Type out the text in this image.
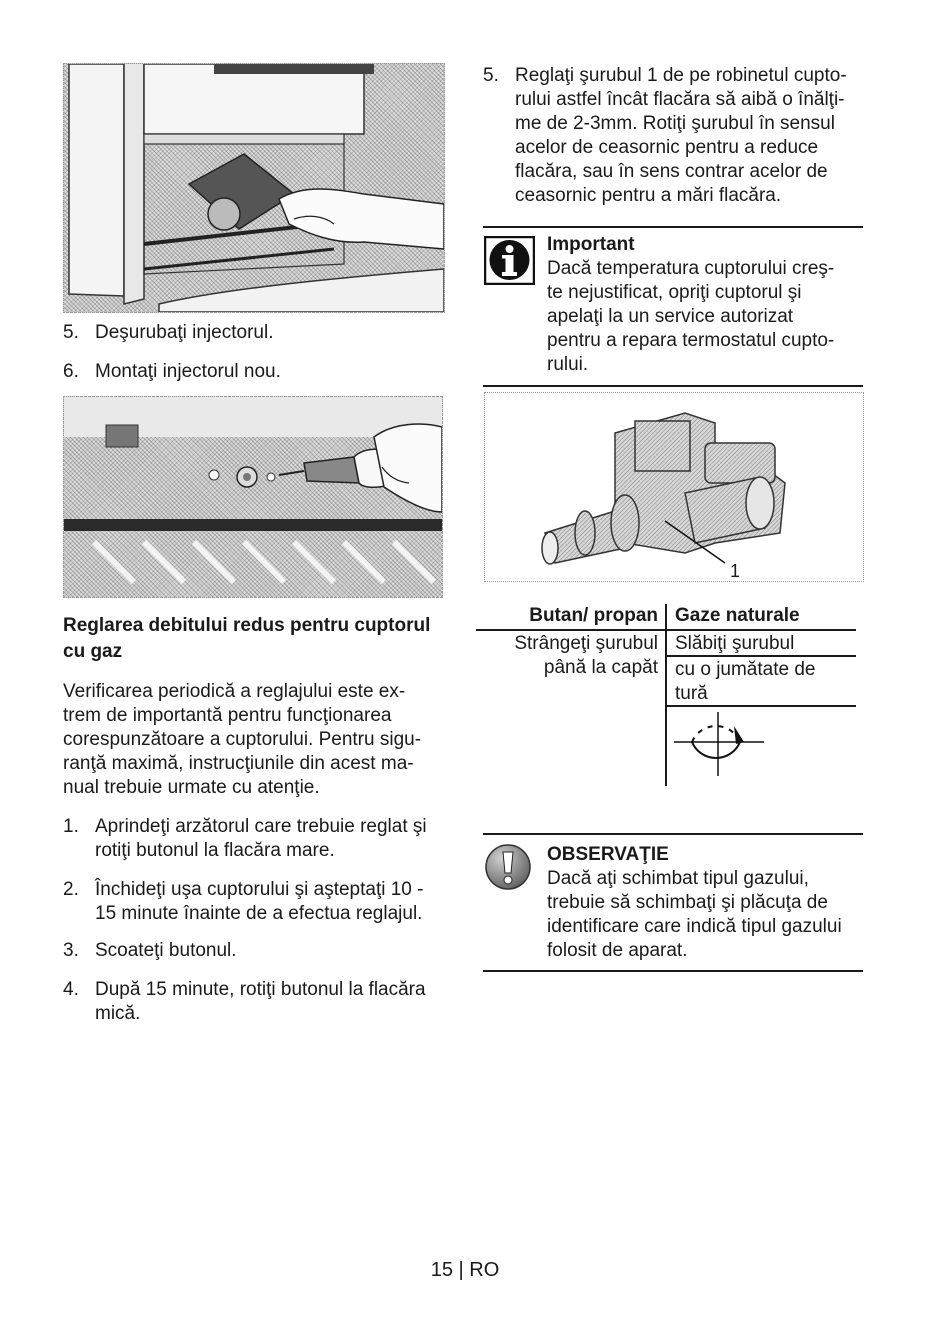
5. Deşurubaţi injectorul.
6. Montaţi injectorul nou.

Reglarea debitului redus pentru cuptorul

cu gaz

Verificarea periodică a reglajului este ex-

trem de importantă pentru funcţionarea

corespunzătoare a cuptorului. Pentru sigu-

ranţă maximă, instrucţiunile din acest ma-

nual trebuie urmate cu atenţie.

1. Aprindeţi arzătorul care trebuie reglat şi

rotiţi butonul la flacăra mare.

2. Închideţi uşa cuptorului şi aşteptaţi 10 -

15 minute înainte de a efectua reglajul.

3. Scoateţi butonul.

4. După 15 minute, rotiţi butonul la flacăra

mică.

5. Reglaţi şurubul 1 de pe robinetul cupto-

rului astfel încât flacăra să aibă o înălţi-

me de 2-3mm. Rotiţi şurubul în sensul

acelor de ceasornic pentru a reduce

flacăra, sau în sens contrar acelor de

ceasornic pentru a mări flacăra.

Important

Dacă temperatura cuptorului creş-

te nejustificat, opriţi cuptorul şi

apelaţi la un service autorizat

pentru a repara termostatul cupto-

rului.

1
Butan/ propan Gaze naturale

Strângeţi şurubul

până la capăt

Slăbiţi şurubul

cu o jumătate de

tură

OBSERVAŢIE

Dacă aţi schimbat tipul gazului,

trebuie să schimbaţi şi plăcuţa de

identificare care indică tipul gazului

folosit de aparat.

15 | RO
